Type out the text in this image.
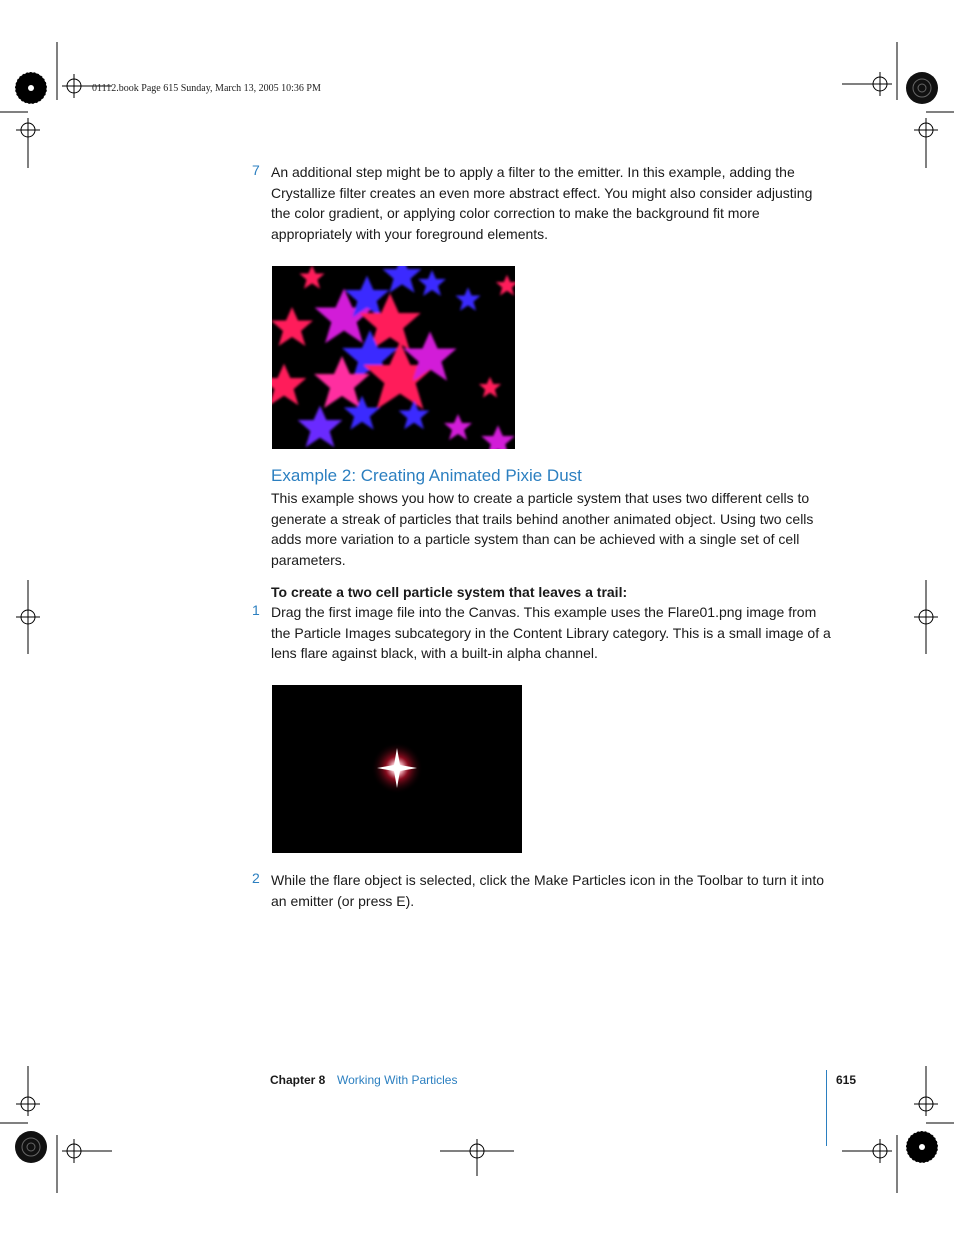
01112.book Page 615 Sunday, March 13, 2005 10:36 PM
7 An additional step might be to apply a filter to the emitter. In this example, adding the Crystallize filter creates an even more abstract effect. You might also consider adjusting the color gradient, or applying color correction to make the background fit more appropriately with your foreground elements.
Example 2: Creating Animated Pixie Dust
This example shows you how to create a particle system that uses two different cells to generate a streak of particles that trails behind another animated object. Using two cells adds more variation to a particle system than can be achieved with a single set of cell parameters.
To create a two cell particle system that leaves a trail:
1 Drag the first image file into the Canvas. This example uses the Flare01.png image from the Particle Images subcategory in the Content Library category. This is a small image of a lens flare against black, with a built-in alpha channel.
2 While the flare object is selected, click the Make Particles icon in the Toolbar to turn it into an emitter (or press E).
Chapter 8 Working With Particles	615
